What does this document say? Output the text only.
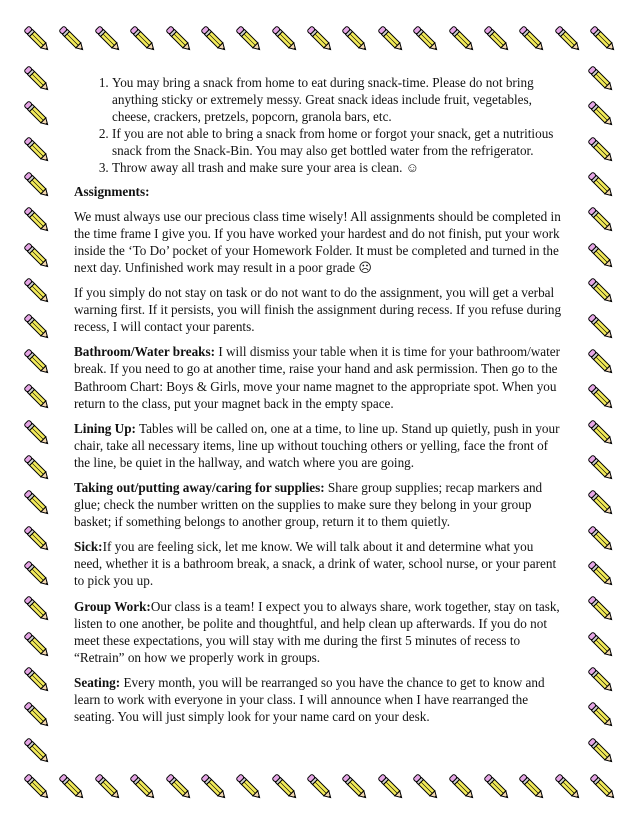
1. You may bring a snack from home to eat during snack-time. Please do not bring anything sticky or extremely messy. Great snack ideas include fruit, vegetables, cheese, crackers, pretzels, popcorn, granola bars, etc.
2. If you are not able to bring a snack from home or forgot your snack, get a nutritious snack from the Snack-Bin. You may also get bottled water from the refrigerator.
3. Throw away all trash and make sure your area is clean. ☺
Assignments:

We must always use our precious class time wisely! All assignments should be completed in the time frame I give you. If you have worked your hardest and do not finish, put your work inside the ‘To Do’ pocket of your Homework Folder. It must be completed and turned in the next day. Unfinished work may result in a poor grade ☹

If you simply do not stay on task or do not want to do the assignment, you will get a verbal warning first. If it persists, you will finish the assignment during recess. If you refuse during recess, I will contact your parents.

Bathroom/Water breaks: I will dismiss your table when it is time for your bathroom/water break. If you need to go at another time, raise your hand and ask permission. Then go to the Bathroom Chart: Boys & Girls, move your name magnet to the appropriate spot. When you return to the class, put your magnet back in the empty space.

Lining Up: Tables will be called on, one at a time, to line up. Stand up quietly, push in your chair, take all necessary items, line up without touching others or yelling, face the front of the line, be quiet in the hallway, and watch where you are going.

Taking out/putting away/caring for supplies: Share group supplies; recap markers and glue; check the number written on the supplies to make sure they belong in your group basket; if something belongs to another group, return it to them quietly.

Sick:If you are feeling sick, let me know. We will talk about it and determine what you need, whether it is a bathroom break, a snack, a drink of water, school nurse, or your parent to pick you up.

Group Work:Our class is a team! I expect you to always share, work together, stay on task, listen to one another, be polite and thoughtful, and help clean up afterwards. If you do not meet these expectations, you will stay with me during the first 5 minutes of recess to “Retrain” on how we properly work in groups.

Seating: Every month, you will be rearranged so you have the chance to get to know and learn to work with everyone in your class. I will announce when I have rearranged the seating. You will just simply look for your name card on your desk.
